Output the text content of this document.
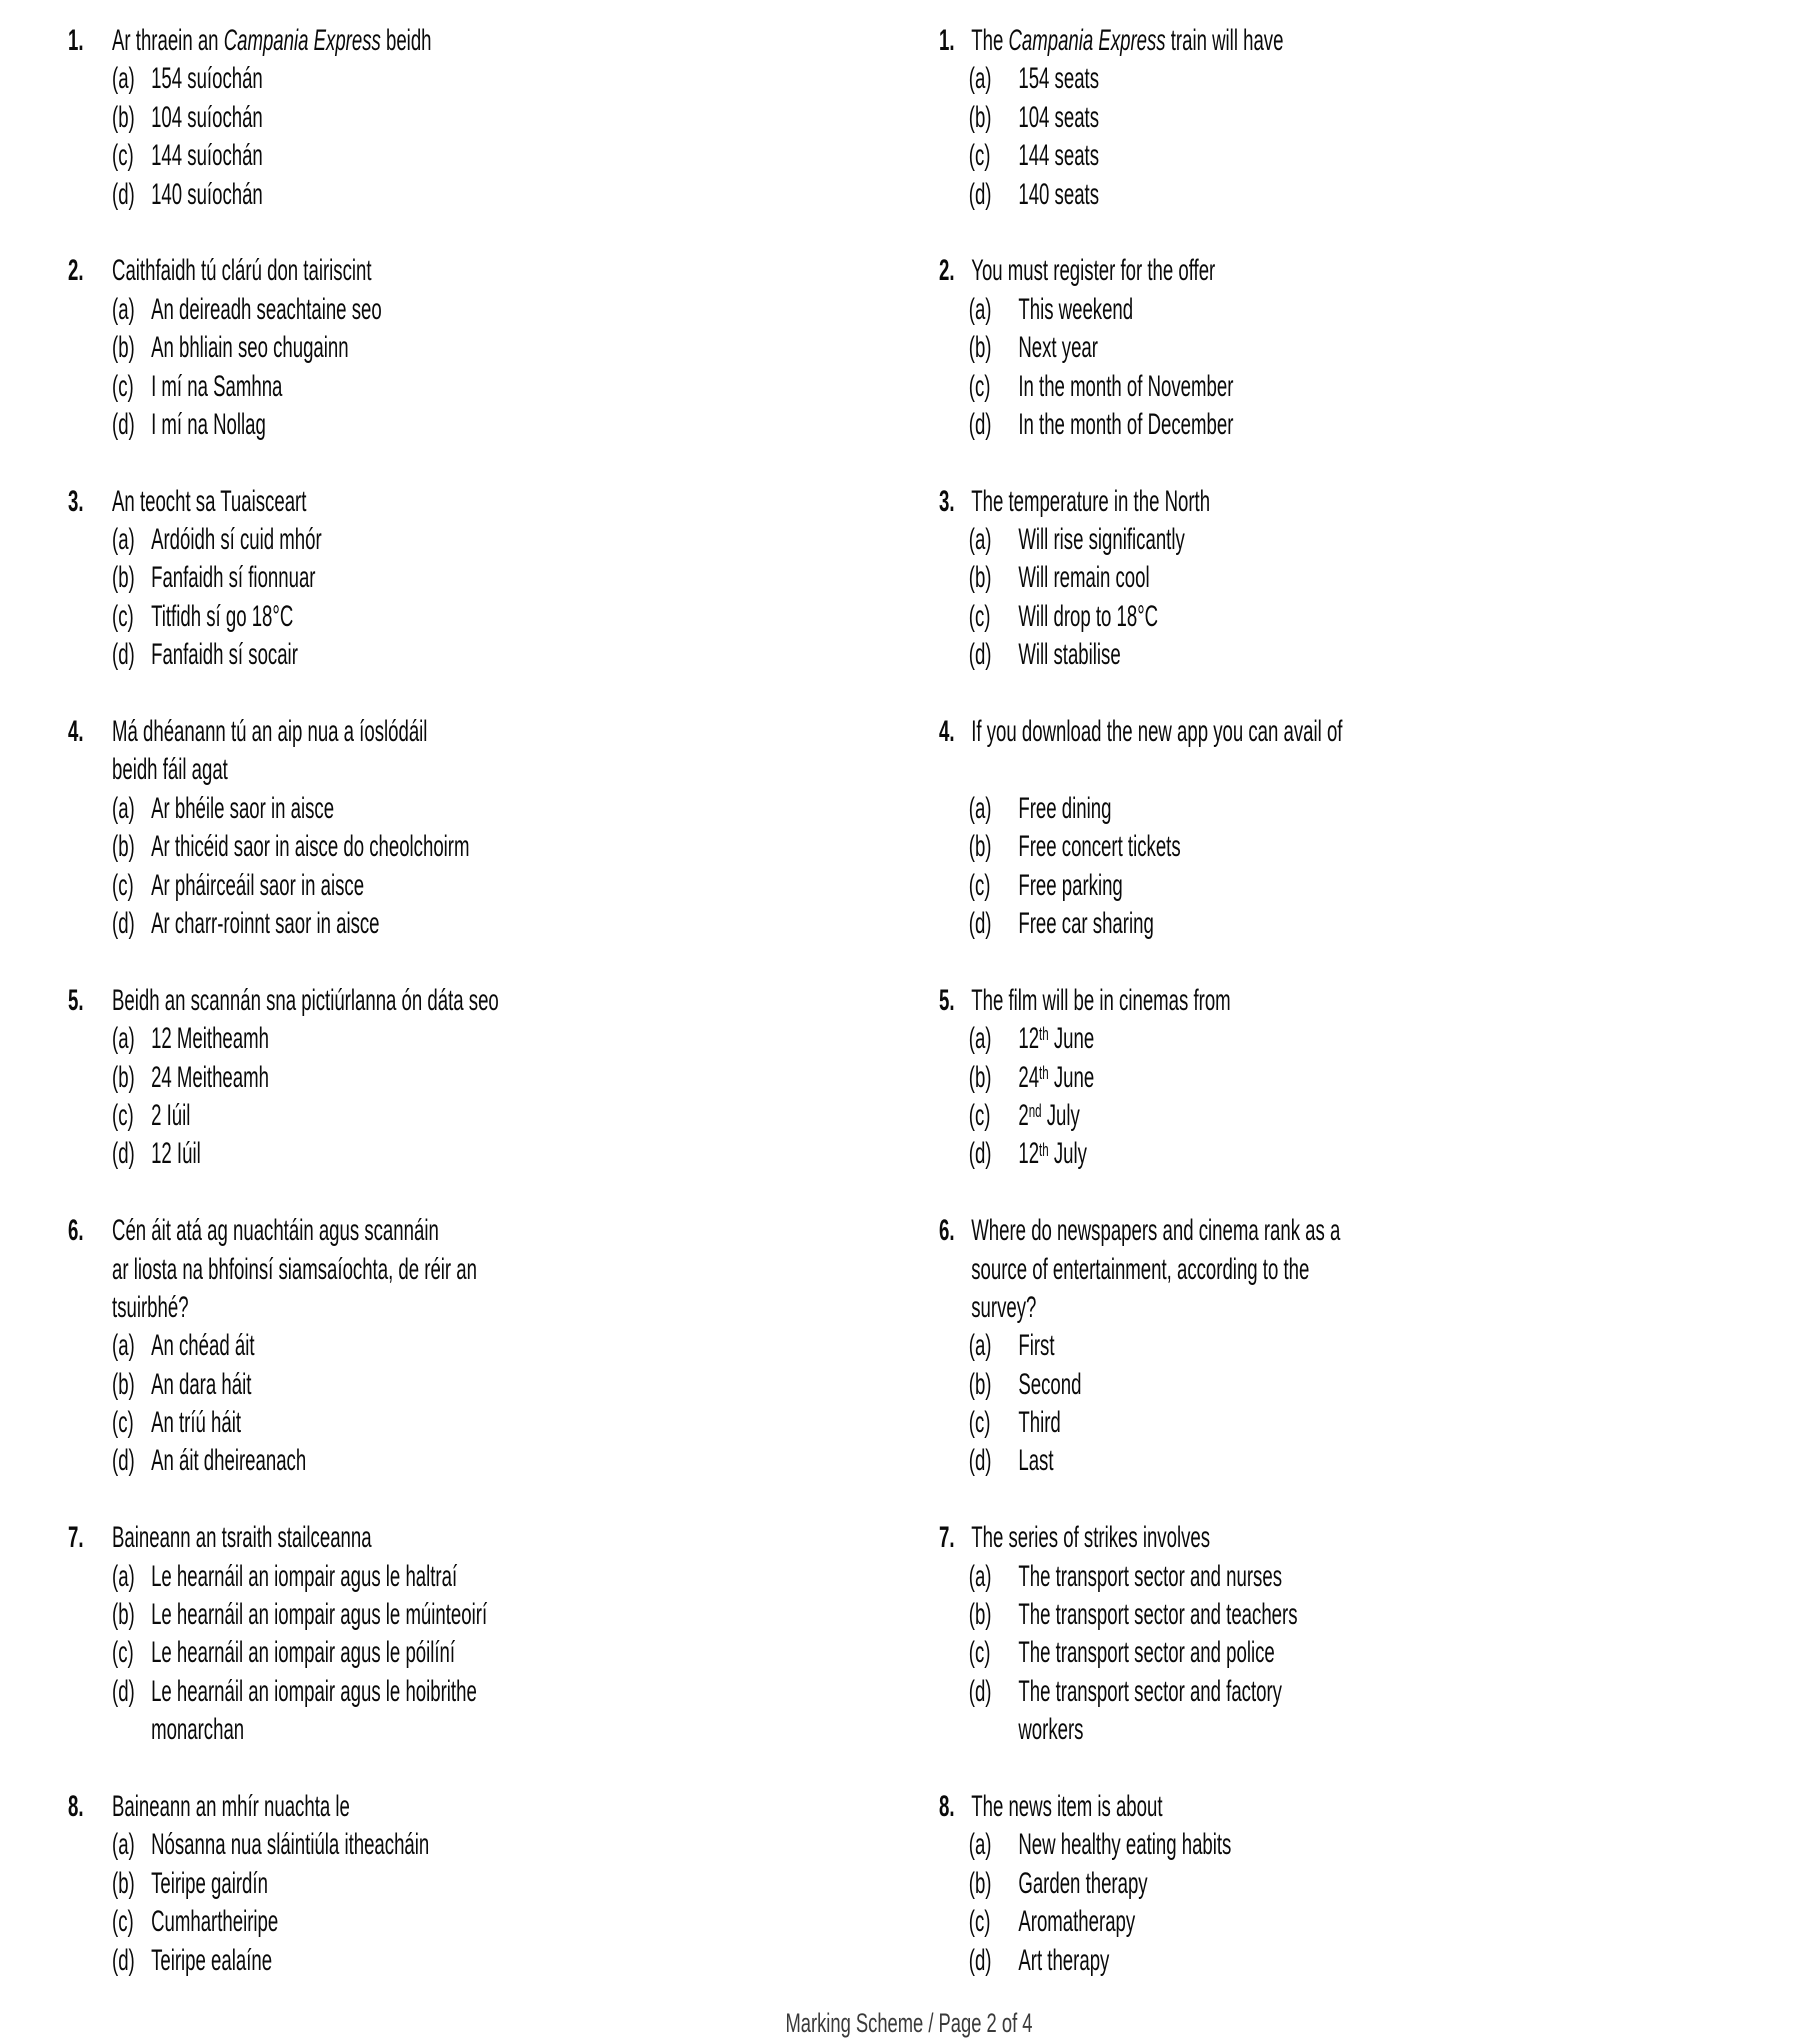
1. Ar thraein an Campania Express beidh
(a) 154 suíochán
(b) 104 suíochán
(c) 144 suíochán
(d) 140 suíochán
2. Caithfaidh tú clárú don tairiscint
(a) An deireadh seachtaine seo
(b) An bhliain seo chugainn
(c) I mí na Samhna
(d) I mí na Nollag
3. An teocht sa Tuaisceart
(a) Ardóidh sí cuid mhór
(b) Fanfaidh sí fionnuar
(c) Titfidh sí go 18°C
(d) Fanfaidh sí socair
4. Má dhéanann tú an aip nua a íoslódáil
beidh fáil agat
(a) Ar bhéile saor in aisce
(b) Ar thicéid saor in aisce do cheolchoirm
(c) Ar pháirceáil saor in aisce
(d) Ar charr-roinnt saor in aisce
5. Beidh an scannán sna pictiúrlanna ón dáta seo
(a) 12 Meitheamh
(b) 24 Meitheamh
(c) 2 Iúil
(d) 12 Iúil
6. Cén áit atá ag nuachtáin agus scannáin
ar liosta na bhfoinsí siamsaíochta, de réir an
tsuirbhé?
(a) An chéad áit
(b) An dara háit
(c) An tríú háit
(d) An áit dheireanach
7. Baineann an tsraith stailceanna
(a) Le hearnáil an iompair agus le haltraí
(b) Le hearnáil an iompair agus le múinteoirí
(c) Le hearnáil an iompair agus le póilíní
(d) Le hearnáil an iompair agus le hoibrithe
monarchan
8. Baineann an mhír nuachta le
(a) Nósanna nua sláintiúla itheacháin
(b) Teiripe gairdín
(c) Cumhartheiripe
(d) Teiripe ealaíne
1. The Campania Express train will have
(a) 154 seats
(b) 104 seats
(c) 144 seats
(d) 140 seats
2. You must register for the offer
(a) This weekend
(b) Next year
(c) In the month of November
(d) In the month of December
3. The temperature in the North
(a) Will rise significantly
(b) Will remain cool
(c) Will drop to 18°C
(d) Will stabilise
4. If you download the new app you can avail of

(a) Free dining
(b) Free concert tickets
(c) Free parking
(d) Free car sharing
5. The film will be in cinemas from
(a) 12th June
(b) 24th June
(c) 2nd July
(d) 12th July
6. Where do newspapers and cinema rank as a
source of entertainment, according to the
survey?
(a) First
(b) Second
(c) Third
(d) Last
7. The series of strikes involves
(a) The transport sector and nurses
(b) The transport sector and teachers
(c) The transport sector and police
(d) The transport sector and factory
workers
8. The news item is about
(a) New healthy eating habits
(b) Garden therapy
(c) Aromatherapy
(d) Art therapy
Marking Scheme / Page 2 of 4
